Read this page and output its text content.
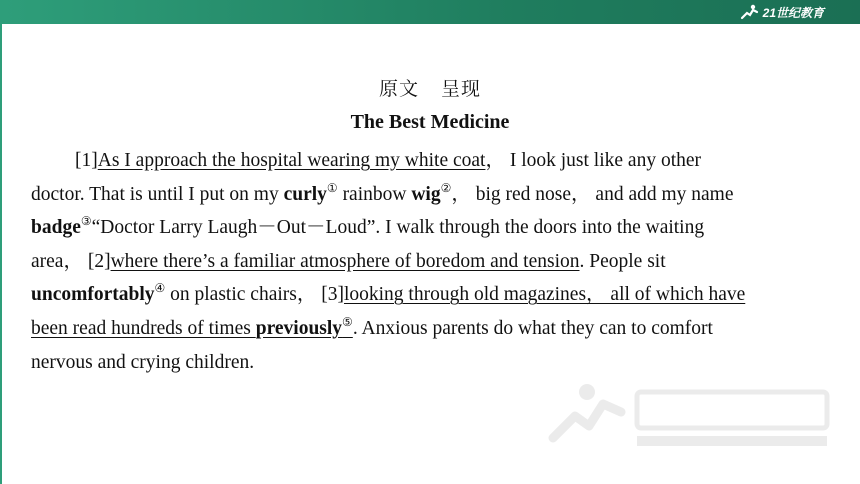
21世纪教育
原文 呈现
The Best Medicine
[1]As I approach the hospital wearing my white coat， I look just like any other
doctor. That is until I put on my curly① rainbow wig②， big red nose， and add my name
badge③“Doctor Larry Laugh－Out－Loud”. I walk through the doors into the waiting
area， [2]where there’s a familiar atmosphere of boredom and tension. People sit
uncomfortably④ on plastic chairs， [3]looking through old magazines， all of which have
been read hundreds of times previously⑤. Anxious parents do what they can to comfort
nervous and crying children.
